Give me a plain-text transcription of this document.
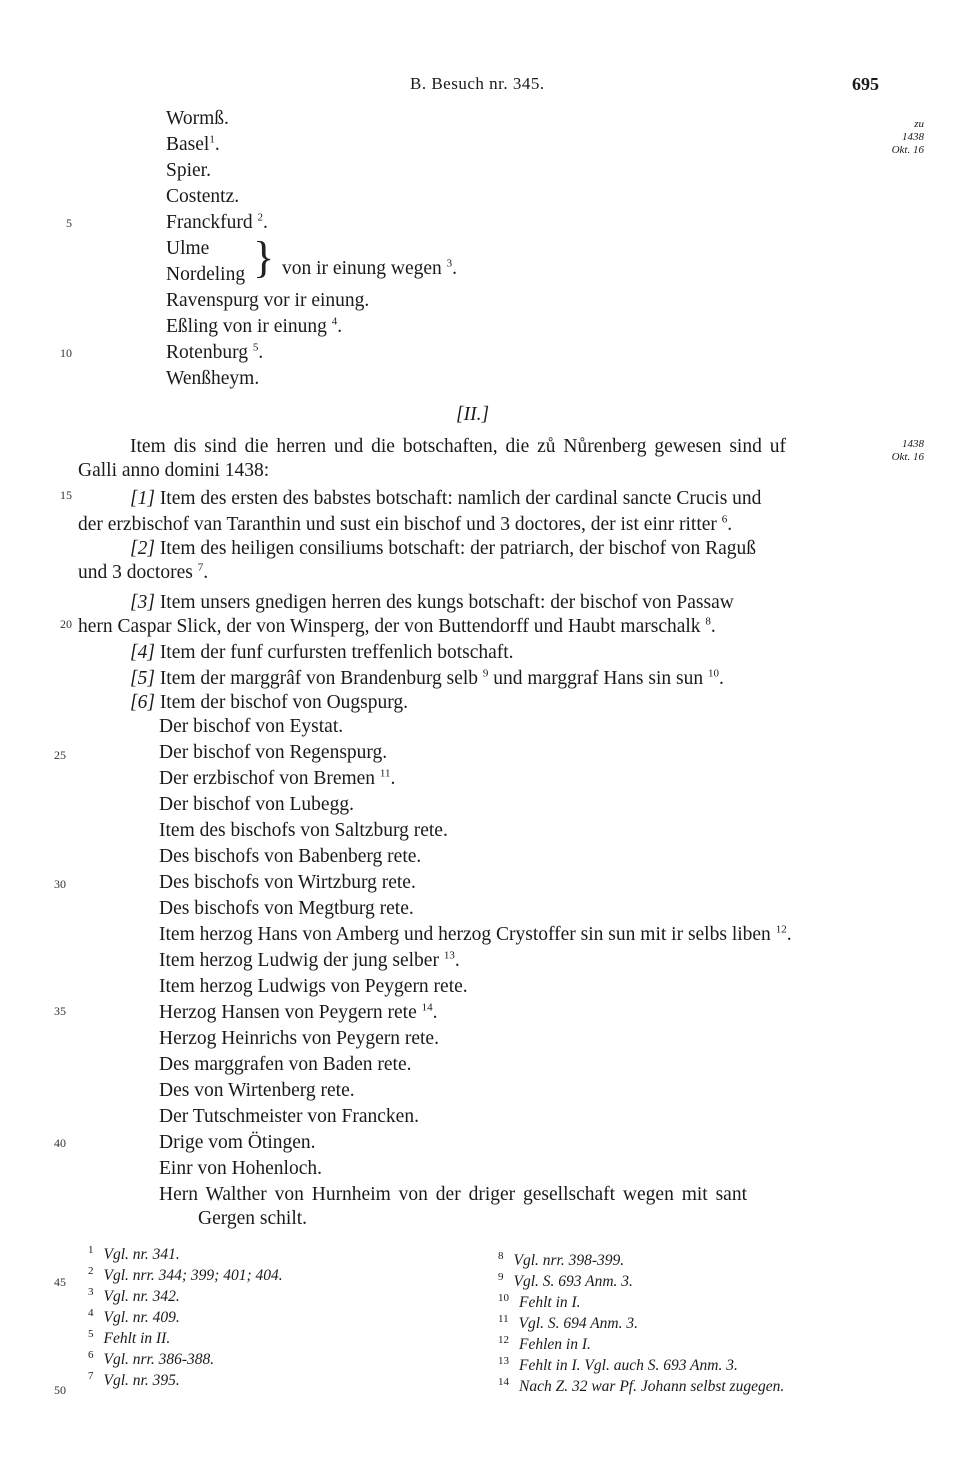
B. Besuch nr. 345.	695
zu
1438
Okt. 16
1438
Okt. 16
5
10
15
20
25
30
35
40
45
50
Wormß.
Basel$^1$.
Spier.
Costentz.
Franckfurd $^2$.
Ulme
Nordeling } von ir einung wegen $^3$.
Ravenspurg vor ir einung.
Eßling von ir einung $^4$.
Rotenburg $^5$.
Wenßheym.
[II.]
Item dis sind die herren und die botschaften, die zů Nůrenberg gewesen sind uf
Galli anno domini 1438:
[1] Item des ersten des babstes botschaft: namlich der cardinal sancte Crucis und
der erzbischof van Taranthin und sust ein bischof und 3 doctores, der ist einr ritter $^6$.
[2] Item des heiligen consiliums botschaft: der patriarch, der bischof von Raguß
und 3 doctores $^7$.
[3] Item unsers gnedigen herren des kungs botschaft: der bischof von Passaw
hern Caspar Slick, der von Winsperg, der von Buttendorff und Haubt marschalk $^8$.
[4] Item der funf curfursten treffenlich botschaft.
[5] Item der marggrâf von Brandenburg selb $^9$ und marggraf Hans sin sun $^{10}$.
[6] Item der bischof von Ougspurg.
Der bischof von Eystat.
Der bischof von Regenspurg.
Der erzbischof von Bremen $^{11}$.
Der bischof von Lubegg.
Item des bischofs von Saltzburg rete.
Des bischofs von Babenberg rete.
Des bischofs von Wirtzburg rete.
Des bischofs von Megtburg rete.
Item herzog Hans von Amberg und herzog Crystoffer sin sun mit ir selbs liben $^{12}$.
Item herzog Ludwig der jung selber $^{13}$.
Item herzog Ludwigs von Peygern rete.
Herzog Hansen von Peygern rete $^{14}$.
Herzog Heinrichs von Peygern rete.
Des marggrafen von Baden rete.
Des von Wirtenberg rete.
Der Tutschmeister von Francken.
Drige vom Ötingen.
Einr von Hohenloch.
Hern Walther von Hurnheim von der driger gesellschaft wegen mit sant
Gergen schilt.
$^1$ Vgl. nr. 341.
$^2$ Vgl. nrr. 344; 399; 401; 404.
$^3$ Vgl. nr. 342.
$^4$ Vgl. nr. 409.
$^5$ Fehlt in II.
$^6$ Vgl. nrr. 386-388.
$^7$ Vgl. nr. 395.
$^8$ Vgl. nrr. 398-399.
$^9$ Vgl. S. 693 Anm. 3.
$^{10}$ Fehlt in I.
$^{11}$ Vgl. S. 694 Anm. 3.
$^{12}$ Fehlen in I.
$^{13}$ Fehlt in I. Vgl. auch S. 693 Anm. 3.
$^{14}$ Nach Z. 32 war Pf. Johann selbst zugegen.
